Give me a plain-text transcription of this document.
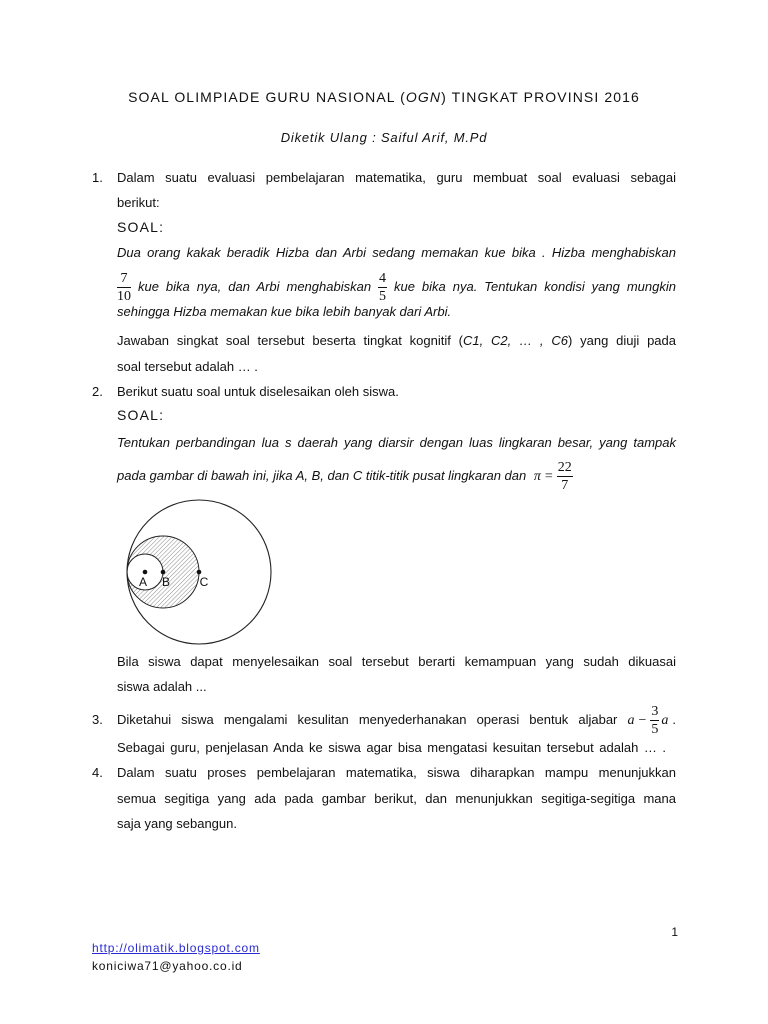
SOAL OLIMPIADE GURU NASIONAL (OGN) TINGKAT PROVINSI 2016
Diketik Ulang : Saiful Arif, M.Pd
1.	Dalam suatu evaluasi pembelajaran matematika, guru membuat soal evaluasi sebagai
berikut:
SOAL:
Dua orang kakak beradik Hizba dan Arbi sedang memakan kue bika . Hizba menghabiskan
$\frac{7}{10}$ kue bika nya, dan Arbi menghabiskan $\frac{4}{5}$ kue bika nya. Tentukan kondisi yang mungkin
sehingga Hizba memakan kue bika lebih banyak dari Arbi.
Jawaban singkat soal tersebut beserta tingkat kognitif (C1, C2, … , C6) yang diuji pada
soal tersebut adalah … .
2.	Berikut suatu soal untuk diselesaikan oleh siswa.
SOAL:
Tentukan perbandingan lua s daerah yang diarsir dengan luas lingkaran besar, yang tampak
pada gambar di bawah ini, jika A, B, dan C titik-titik pusat lingkaran dan $\pi = \frac{22}{7}$
A B C
Bila siswa dapat menyelesaikan soal tersebut berarti kemampuan yang sudah dikuasai
siswa adalah ...
3.	Diketahui siswa mengalami kesulitan menyederhanakan operasi bentuk aljabar $a - \frac{3}{5}$ a .
Sebagai guru, penjelasan Anda ke siswa agar bisa mengatasi kesuitan tersebut adalah … .
4.	Dalam suatu proses pembelajaran matematika, siswa diharapkan mampu menunjukkan
semua segitiga yang ada pada gambar berikut, dan menunjukkan segitiga-segitiga mana
saja yang sebangun.
1
http://olimatik.blogspot.com
koniciwa71@yahoo.co.id
